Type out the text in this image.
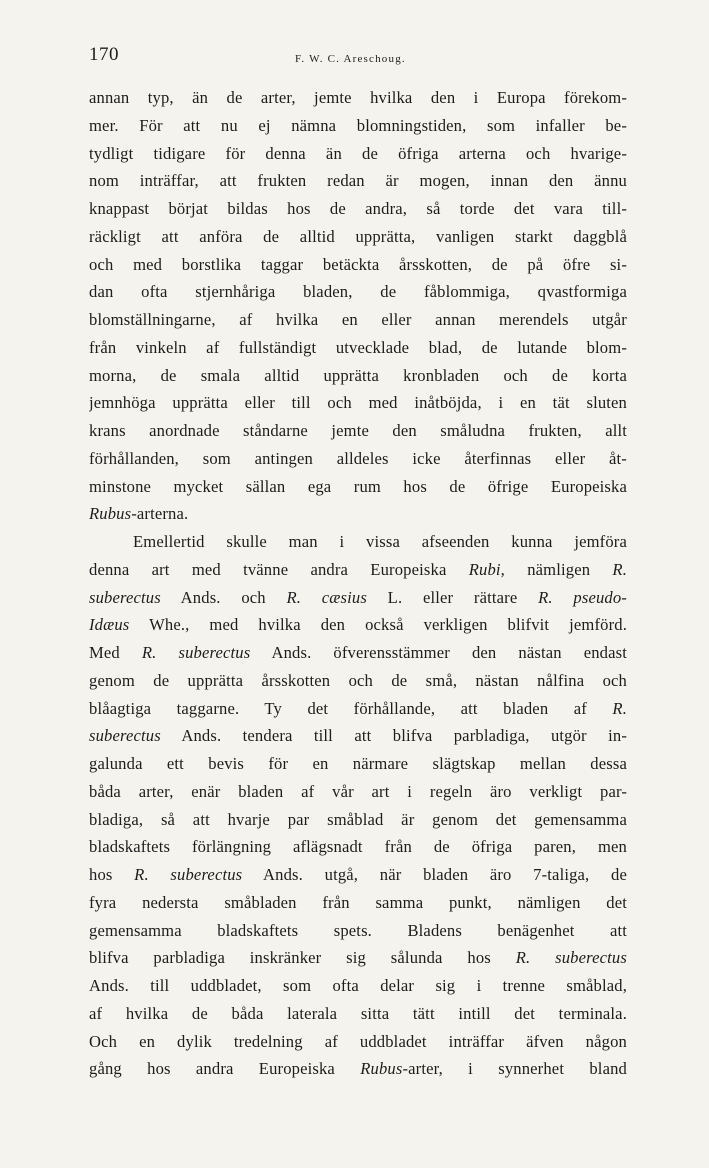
170	F. W. C. Areschoug.
annan typ, än de arter, jemte hvilka den i Europa förekom-
mer. För att nu ej nämna blomningstiden, som infaller be-
tydligt tidigare för denna än de öfriga arterna och hvarige-
nom inträffar, att frukten redan är mogen, innan den ännu
knappast börjat bildas hos de andra, så torde det vara till-
räckligt att anföra de alltid upprätta, vanligen starkt daggblå
och med borstlika taggar betäckta årsskotten, de på öfre si-
dan ofta stjernhåriga bladen, de fåblommiga, qvastformiga
blomställningarne, af hvilka en eller annan merendels utgår
från vinkeln af fullständigt utvecklade blad, de lutande blom-
morna, de smala alltid upprätta kronbladen och de korta
jemnhöga upprätta eller till och med inåtböjda, i en tät sluten
krans anordnade ståndarne jemte den småludna frukten, allt
förhållanden, som antingen alldeles icke återfinnas eller åt-
minstone mycket sällan ega rum hos de öfrige Europeiska
Rubus-arterna.
Emellertid skulle man i vissa afseenden kunna jemföra
denna art med tvänne andra Europeiska Rubi, nämligen R.
suberectus Ands. och R. cæsius L. eller rättare R. pseudo-
Idæus Whe., med hvilka den också verkligen blifvit jemförd.
Med R. suberectus Ands. öfverensstämmer den nästan endast
genom de upprätta årsskotten och de små, nästan nålfina och
blåagtiga taggarne. Ty det förhållande, att bladen af R.
suberectus Ands. tendera till att blifva parbladiga, utgör in-
galunda ett bevis för en närmare slägtskap mellan dessa
båda arter, enär bladen af vår art i regeln äro verkligt par-
bladiga, så att hvarje par småblad är genom det gemensamma
bladskaftets förlängning aflägsnadt från de öfriga paren, men
hos R. suberectus Ands. utgå, när bladen äro 7-taliga, de
fyra nedersta småbladen från samma punkt, nämligen det
gemensamma bladskaftets spets. Bladens benägenhet att
blifva parbladiga inskränker sig sålunda hos R. suberectus
Ands. till uddbladet, som ofta delar sig i trenne småblad,
af hvilka de båda laterala sitta tätt intill det terminala.
Och en dylik tredelning af uddbladet inträffar äfven någon
gång hos andra Europeiska Rubus-arter, i synnerhet bland
